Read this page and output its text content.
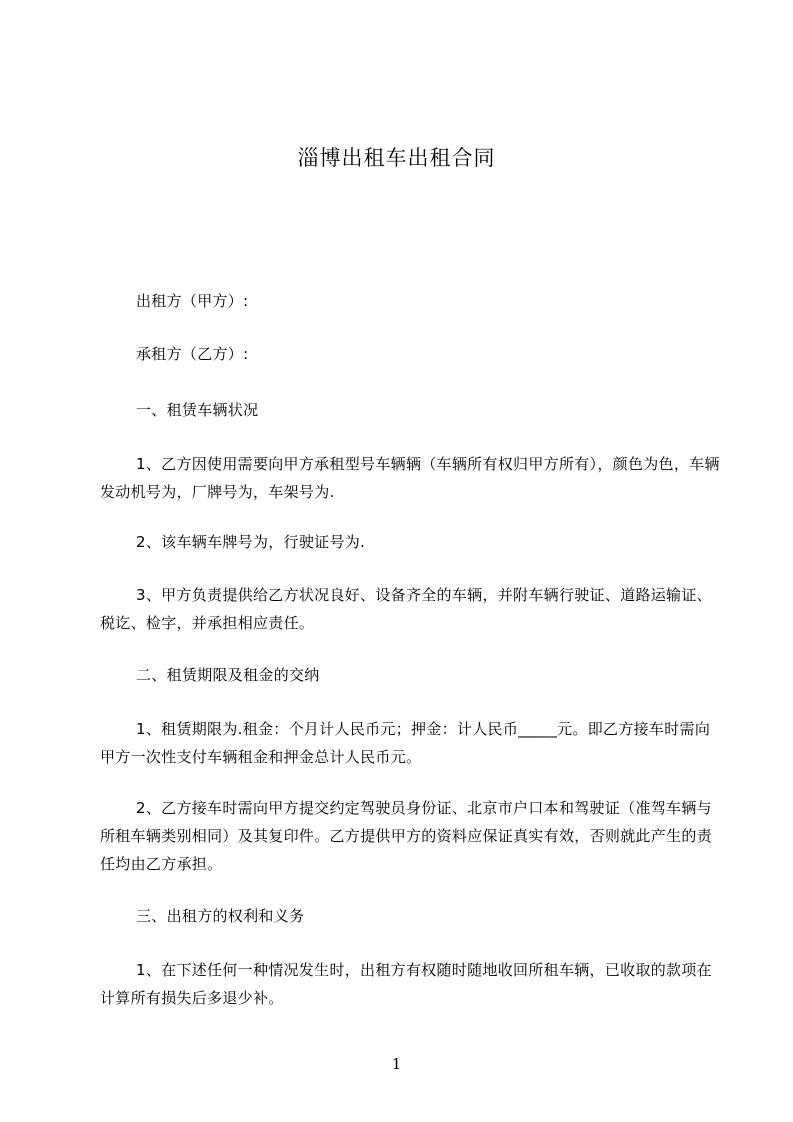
淄博出租车出租合同
出租方（甲方）:
承租方（乙方）:
一、租赁车辆状况
1、乙方因使用需要向甲方承租型号车辆辆（车辆所有权归甲方所有），颜色为色，车辆发动机号为，厂牌号为，车架号为.
2、该车辆车牌号为，行驶证号为.
3、甲方负责提供给乙方状况良好、设备齐全的车辆，并附车辆行驶证、道路运输证、税讫、检字，并承担相应责任。
二、租赁期限及租金的交纳
1、租赁期限为.租金：个月计人民币元；押金：计人民币_____元。即乙方接车时需向甲方一次性支付车辆租金和押金总计人民币元。
2、乙方接车时需向甲方提交约定驾驶员身份证、北京市户口本和驾驶证（准驾车辆与所租车辆类别相同）及其复印件。乙方提供甲方的资料应保证真实有效，否则就此产生的责任均由乙方承担。
三、出租方的权利和义务
1、在下述任何一种情况发生时，出租方有权随时随地收回所租车辆，已收取的款项在计算所有损失后多退少补。
1
